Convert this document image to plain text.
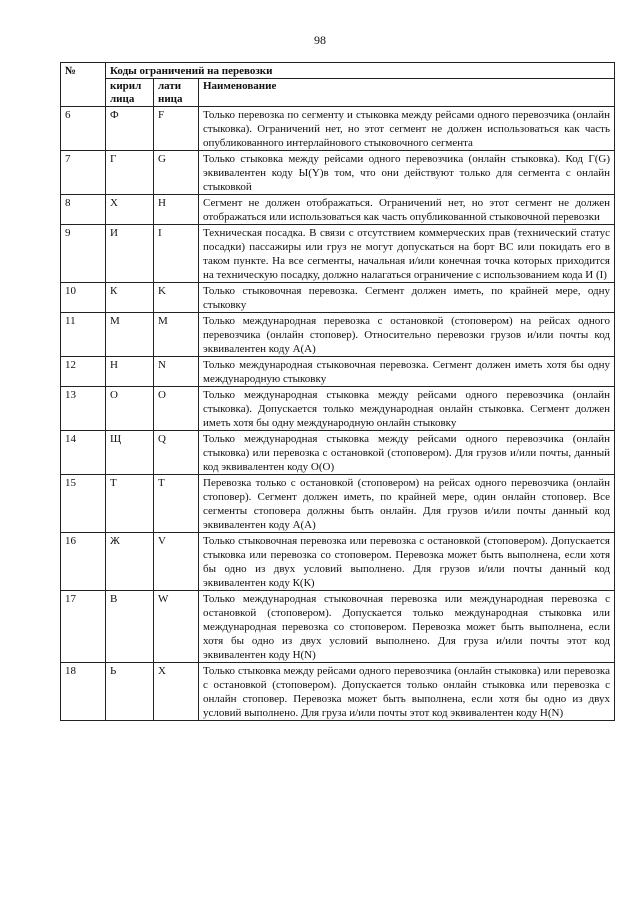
98
№	Коды ограничений на перевозки		
	кирил лица	лати ница	Наименование
6	Ф	F	Только перевозка по сегменту и стыковка между рейсами одного перевозчика (онлайн стыковка). Ограничений нет, но этот сегмент не должен использоваться как часть опубликованного интерлайнового стыковочного сегмента
7	Г	G	Только стыковка между рейсами одного перевозчика (онлайн стыковка). Код Г(G) эквивалентен коду Ы(Y)в том, что они действуют только для сегмента с онлайн стыковкой
8	Х	H	Сегмент не должен отображаться. Ограничений нет, но этот сегмент не должен отображаться или использоваться как часть опубликованной стыковочной перевозки
9	И	I	Техническая посадка. В связи с отсутствием коммерческих прав (технический статус посадки) пассажиры или груз не могут допускаться на борт ВС или покидать его в таком пункте. На все сегменты, начальная и/или конечная точка которых приходится на техническую посадку, должно налагаться ограничение с использованием кода И (I)
10	К	K	Только стыковочная перевозка. Сегмент должен иметь, по крайней мере, одну стыковку
11	М	M	Только международная перевозка с остановкой (стоповером) на рейсах одного перевозчика (онлайн стоповер). Относительно перевозки грузов и/или почты код эквивалентен коду А(А)
12	Н	N	Только международная стыковочная перевозка. Сегмент должен иметь хотя бы одну международную стыковку
13	О	O	Только международная стыковка между рейсами одного перевозчика (онлайн стыковка). Допускается только международная онлайн стыковка. Сегмент должен иметь хотя бы одну международную онлайн стыковку
14	Щ	Q	Только международная стыковка между рейсами одного перевозчика (онлайн стыковка) или перевозка с остановкой (стоповером). Для грузов и/или почты, данный код эквивалентен коду О(О)
15	Т	T	Перевозка только с остановкой (стоповером) на рейсах одного перевозчика (онлайн стоповер). Сегмент должен иметь, по крайней мере, один онлайн стоповер. Все сегменты стоповера должны быть онлайн. Для грузов и/или почты данный код эквивалентен коду А(А)
16	Ж	V	Только стыковочная перевозка или перевозка с остановкой (стоповером). Допускается стыковка или перевозка со стоповером. Перевозка может быть выполнена, если хотя бы одно из двух условий выполнено. Для грузов и/или почты данный код эквивалентен коду К(К)
17	В	W	Только международная стыковочная перевозка или международная перевозка с остановкой (стоповером). Допускается только международная стыковка или международная перевозка со стоповером. Перевозка может быть выполнена, если хотя бы одно из двух условий выполнено. Для груза и/или почты этот код эквивалентен коду Н(N)
18	Ь	X	Только стыковка между рейсами одного перевозчика (онлайн стыковка) или перевозка с остановкой (стоповером). Допускается только онлайн стыковка или перевозка с онлайн стоповер. Перевозка может быть выполнена, если хотя бы одно из двух условий выполнено. Для груза и/или почты этот код эквивалентен коду Н(N)
